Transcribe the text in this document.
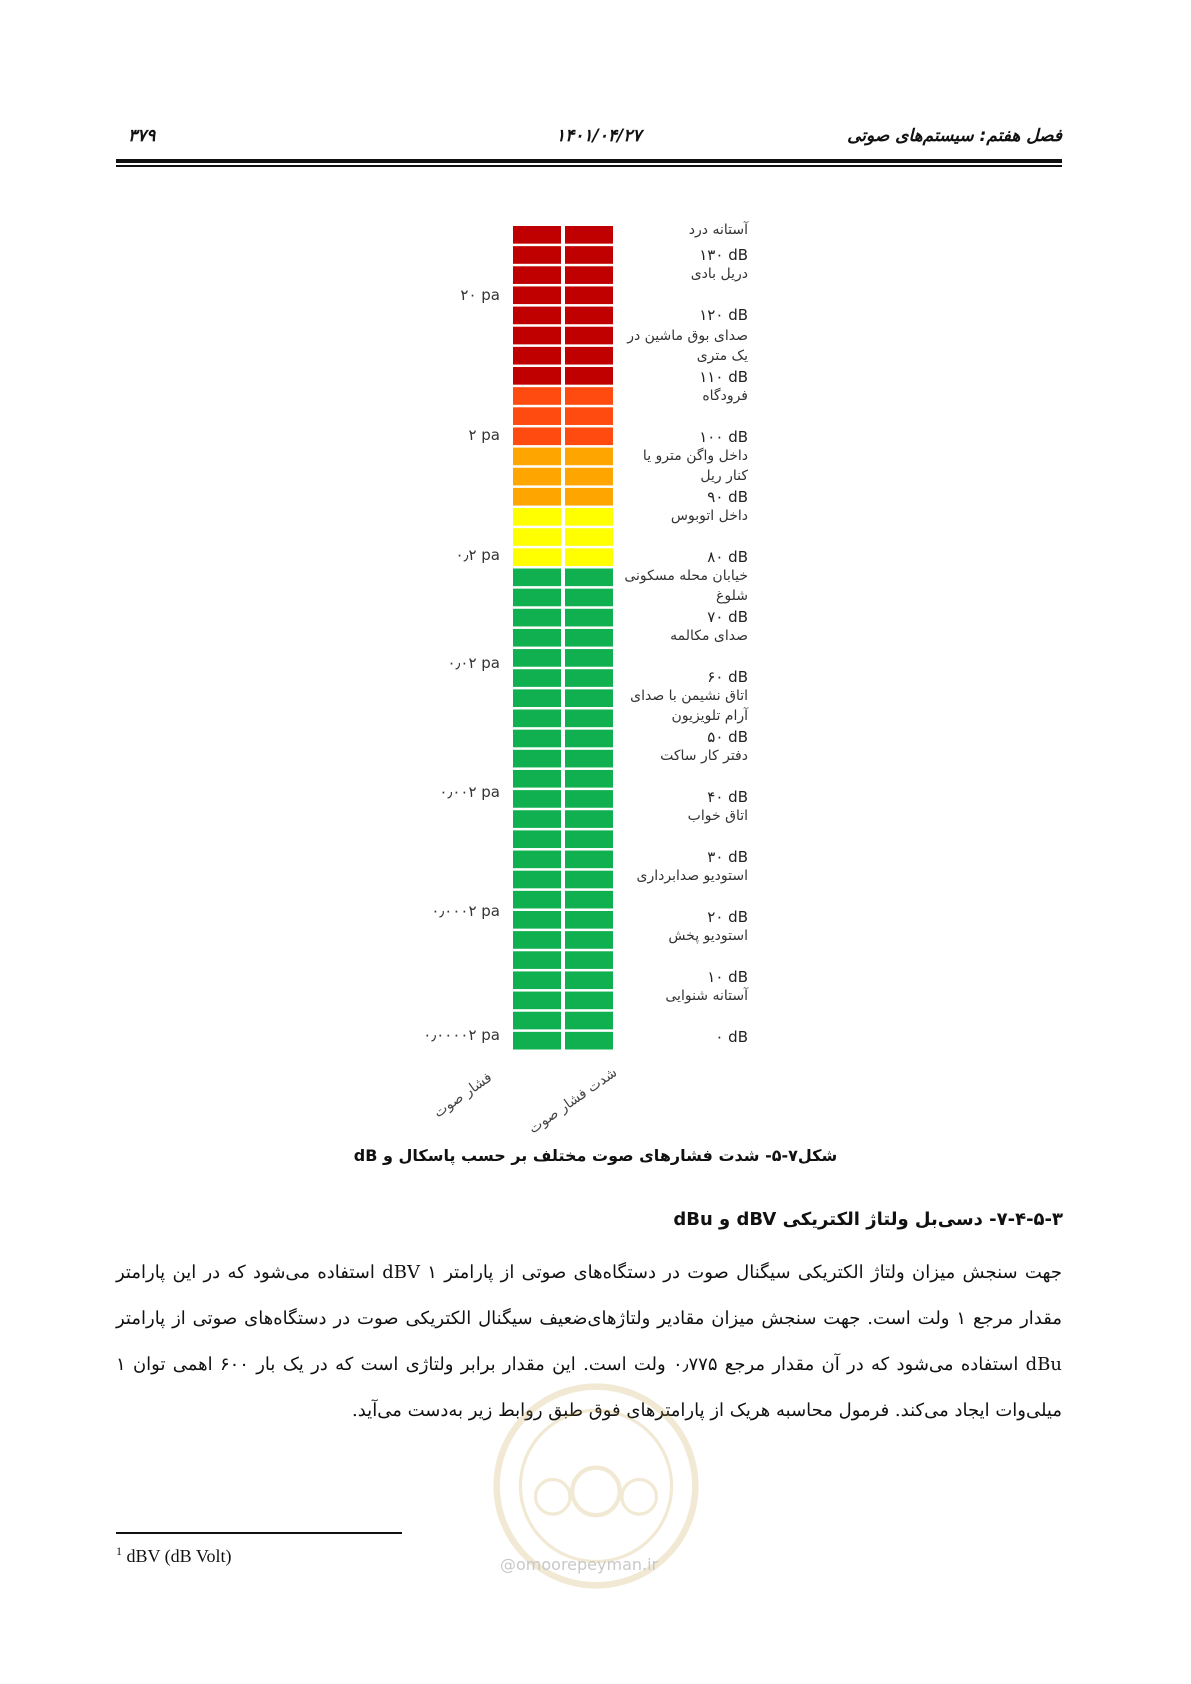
فصل هفتم: سیستم‌های صوتی
۱۴۰۱/۰۴/۲۷
۳۷۹
آستانه درد
۱۳۰ dB
دریل بادی
۱۲۰ dB
صدای بوق ماشین در
یک متری
۱۱۰ dB
فرودگاه
۱۰۰ dB
داخل واگن مترو یا
کنار ریل
۹۰ dB
داخل اتوبوس
۸۰ dB
خیابان محله مسکونی
شلوغ
۷۰ dB
صدای مکالمه
۶۰ dB
اتاق نشیمن با صدای
آرام تلویزیون
۵۰ dB
دفتر کار ساکت
۴۰ dB
اتاق خواب
۳۰ dB
استودیو صدابرداری
۲۰ dB
استودیو پخش
۱۰ dB
آستانه شنوایی
۰ dB
۲۰ pa
۲ pa
۰٫۲ pa
۰٫۰۲ pa
۰٫۰۰۲ pa
۰٫۰۰۰۲ pa
۰٫۰۰۰۰۲ pa
فشار صوت شدت فشار صوت
شکل۷-۵- شدت فشارهای صوت مختلف بر حسب پاسکال و dB
۷-۴-۵-۳- دسی‌بل ولتاژ الکتریکی dBV و dBu
جهت سنجش میزان ولتاژ الکتریکی سیگنال صوت در دستگاه‌های صوتی از پارامتر ۱ dBV استفاده می‌شود که در این پارامتر مقدار مرجع ۱ ولت است. جهت سنجش میزان مقادیر ولتاژهای‌ضعیف سیگنال الکتریکی صوت در دستگاه‌های صوتی از پارامتر dBu استفاده می‌شود که در آن مقدار مرجع ۰٫۷۷۵ ولت است. این مقدار برابر ولتاژی است که در یک بار ۶۰۰ اهمی توان ۱ میلی‌وات ایجاد می‌کند. فرمول محاسبه هریک از پارامترهای فوق طبق روابط زیر به‌دست می‌آید.
@omoorepeyman.ir
$^1$ dBV (dB Volt)
